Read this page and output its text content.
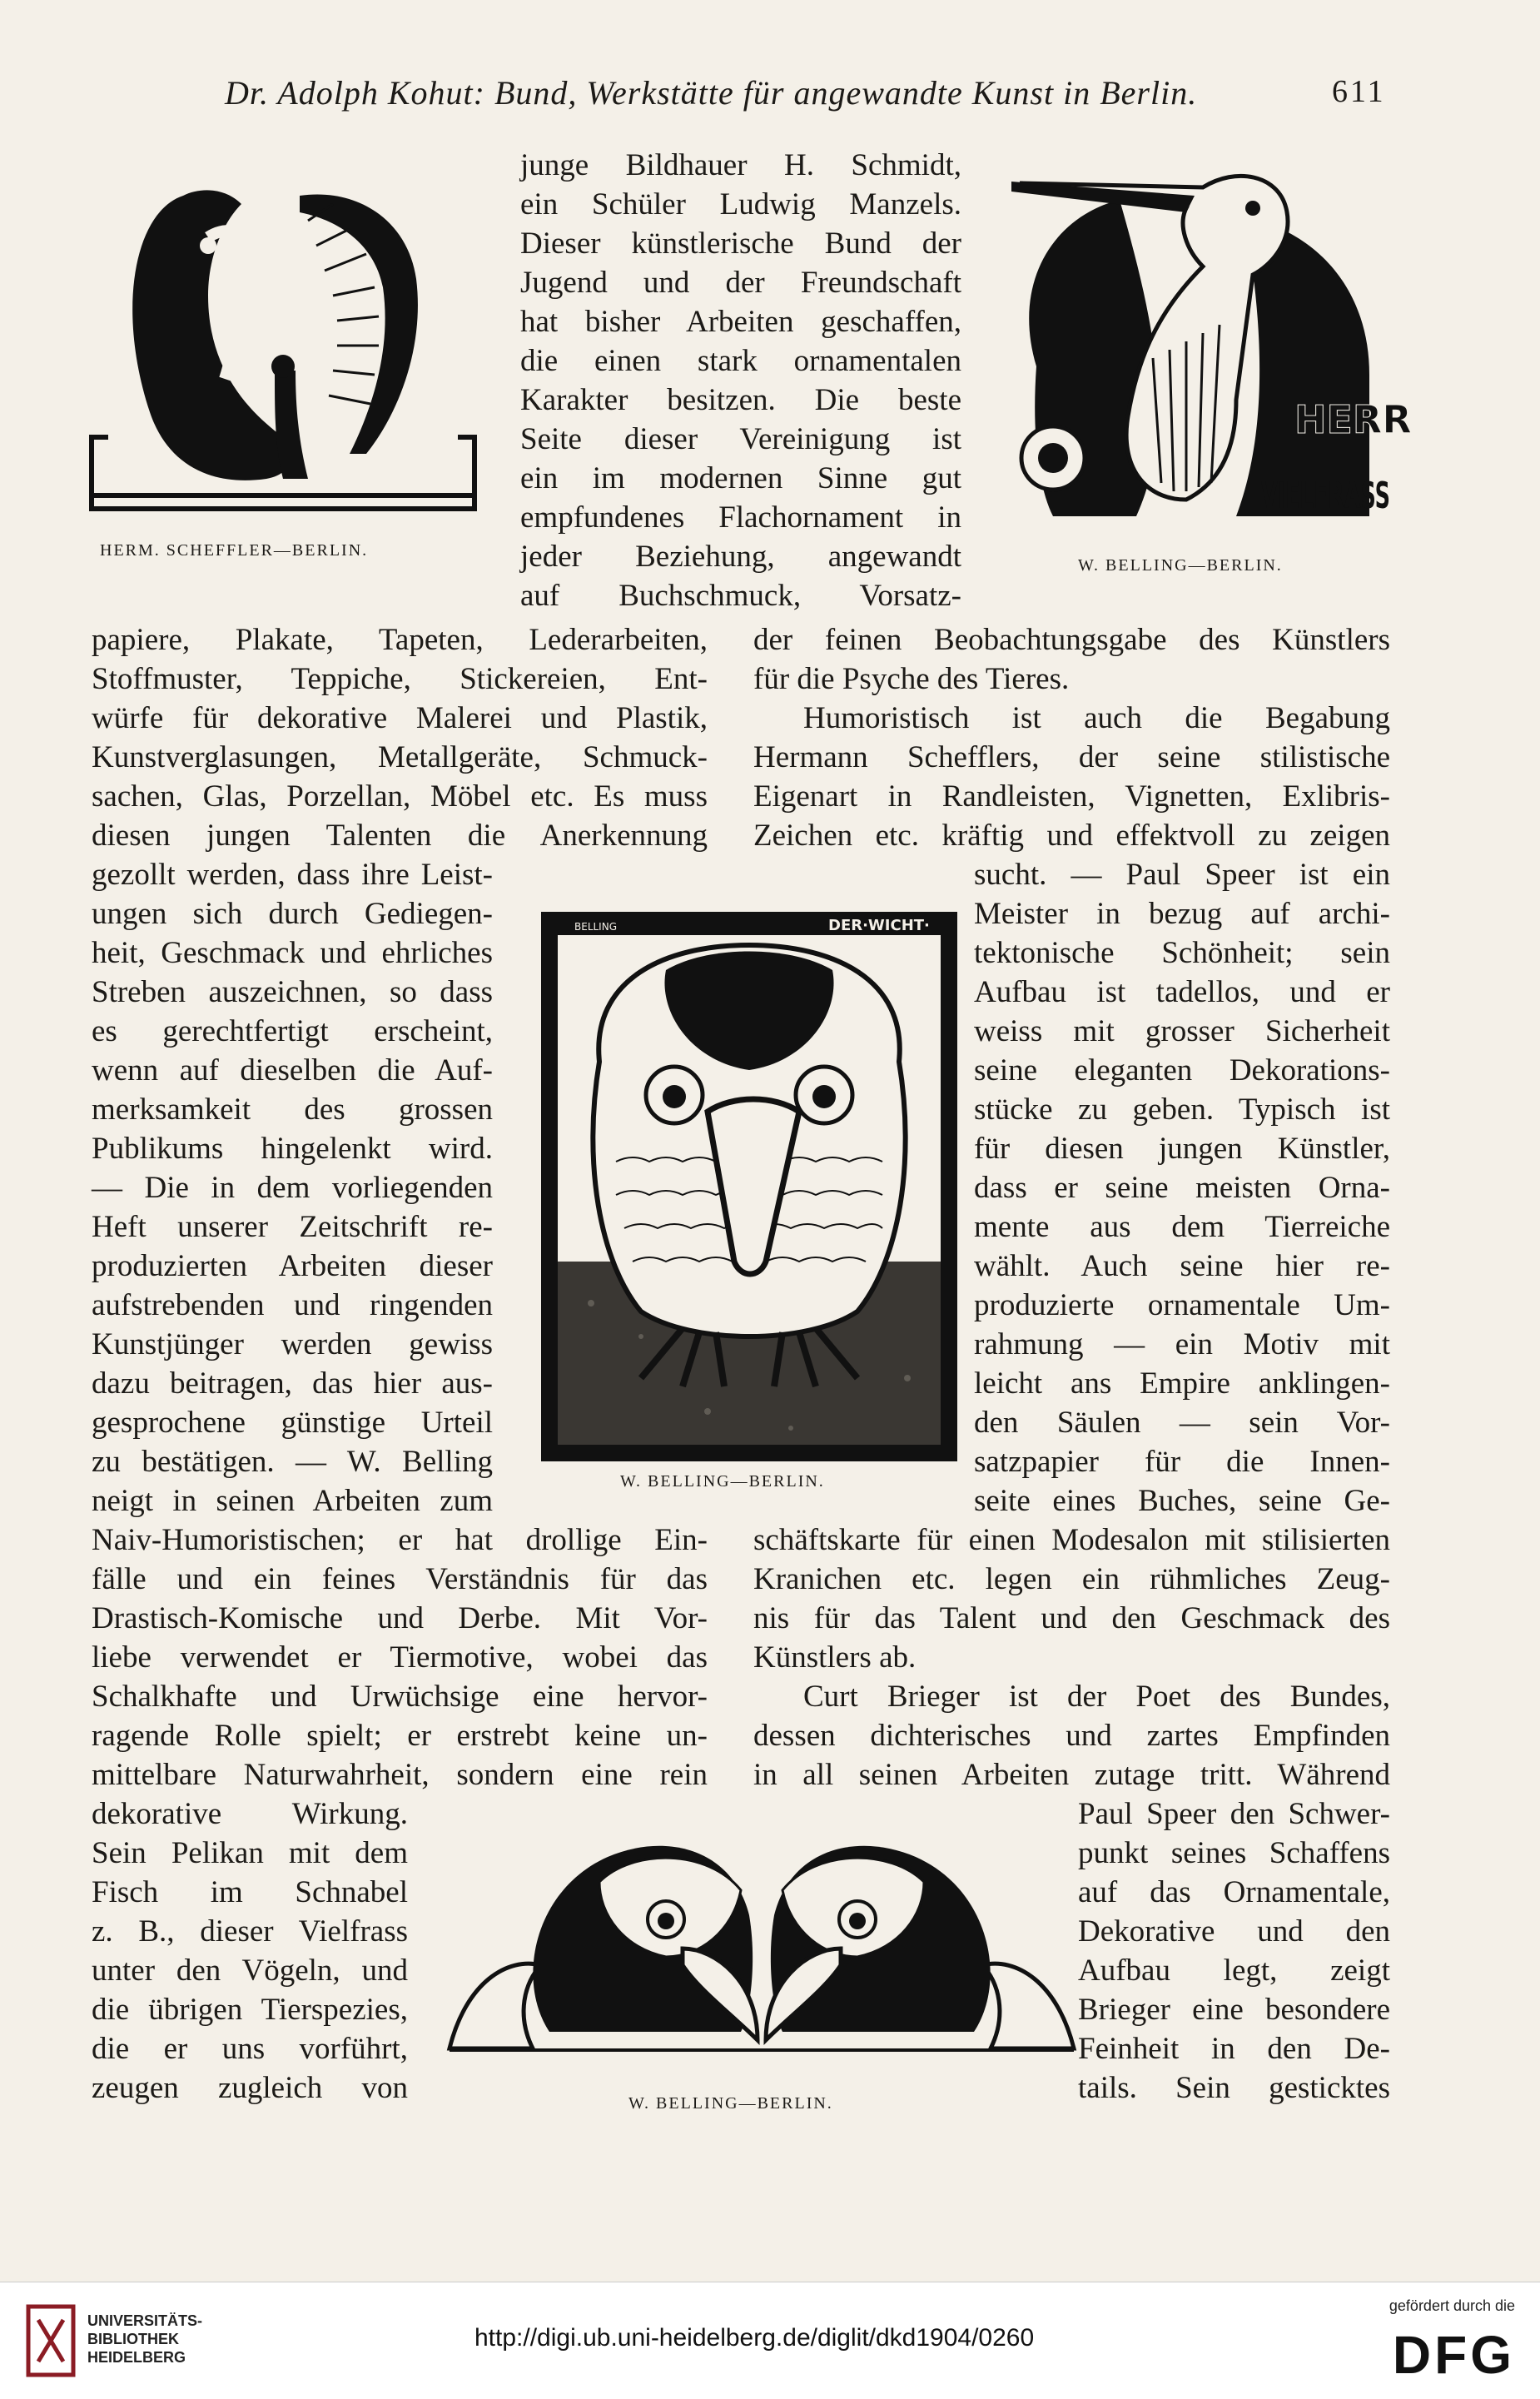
Dr. Adolph Kohut: Bund, Werkstätte für angewandte Kunst in Berlin.	611
HERM. SCHEFFLER—BERLIN.
HERR
VIELFRASS
W. BELLING—BERLIN.
BELLING	DER·WICHT·
W. BELLING—BERLIN.
W. BELLING—BERLIN.
junge Bildhauer H. Schmidt,
ein Schüler Ludwig Manzels.
Dieser künstlerische Bund der
Jugend und der Freundschaft
hat bisher Arbeiten geschaffen,
die einen stark ornamentalen
Karakter besitzen. Die beste
Seite dieser Vereinigung ist
ein im modernen Sinne gut
empfundenes Flachornament in
jeder Beziehung, angewandt
auf Buchschmuck, Vorsatz-
papiere, Plakate, Tapeten, Lederarbeiten,
Stoffmuster, Teppiche, Stickereien, Ent-
würfe für dekorative Malerei und Plastik,
Kunstverglasungen, Metallgeräte, Schmuck-
sachen, Glas, Porzellan, Möbel etc. Es muss
diesen jungen Talenten die Anerkennung
gezollt werden, dass ihre Leist-
ungen sich durch Gediegen-
heit, Geschmack und ehrliches
Streben auszeichnen, so dass
es gerechtfertigt erscheint,
wenn auf dieselben die Auf-
merksamkeit des grossen
Publikums hingelenkt wird.
— Die in dem vorliegenden
Heft unserer Zeitschrift re-
produzierten Arbeiten dieser
aufstrebenden und ringenden
Kunstjünger werden gewiss
dazu beitragen, das hier aus-
gesprochene günstige Urteil
zu bestätigen. — W. Belling
neigt in seinen Arbeiten zum
Naiv-Humoristischen; er hat drollige Ein-
fälle und ein feines Verständnis für das
Drastisch-Komische und Derbe. Mit Vor-
liebe verwendet er Tiermotive, wobei das
Schalkhafte und Urwüchsige eine hervor-
ragende Rolle spielt; er erstrebt keine un-
mittelbare Naturwahrheit, sondern eine rein
dekorative Wirkung.
Sein Pelikan mit dem
Fisch im Schnabel
z. B., dieser Vielfrass
unter den Vögeln, und
die übrigen Tierspezies,
die er uns vorführt,
zeugen zugleich von
der feinen Beobachtungsgabe des Künstlers
für die Psyche des Tieres.
Humoristisch ist auch die Begabung
Hermann Schefflers, der seine stilistische
Eigenart in Randleisten, Vignetten, Exlibris-
Zeichen etc. kräftig und effektvoll zu zeigen
sucht. — Paul Speer ist ein
Meister in bezug auf archi-
tektonische Schönheit; sein
Aufbau ist tadellos, und er
weiss mit grosser Sicherheit
seine eleganten Dekorations-
stücke zu geben. Typisch ist
für diesen jungen Künstler,
dass er seine meisten Orna-
mente aus dem Tierreiche
wählt. Auch seine hier re-
produzierte ornamentale Um-
rahmung — ein Motiv mit
leicht ans Empire anklingen-
den Säulen — sein Vor-
satzpapier für die Innen-
seite eines Buches, seine Ge-
schäftskarte für einen Modesalon mit stilisierten
Kranichen etc. legen ein rühmliches Zeug-
nis für das Talent und den Geschmack des
Künstlers ab.
Curt Brieger ist der Poet des Bundes,
dessen dichterisches und zartes Empfinden
in all seinen Arbeiten zutage tritt. Während
Paul Speer den Schwer-
punkt seines Schaffens
auf das Ornamentale,
Dekorative und den
Aufbau legt, zeigt
Brieger eine besondere
Feinheit in den De-
tails. Sein gesticktes
UNIVERSITÄTS-
BIBLIOTHEK
HEIDELBERG
http://digi.ub.uni-heidelberg.de/diglit/dkd1904/0260
gefördert durch die
DFG
